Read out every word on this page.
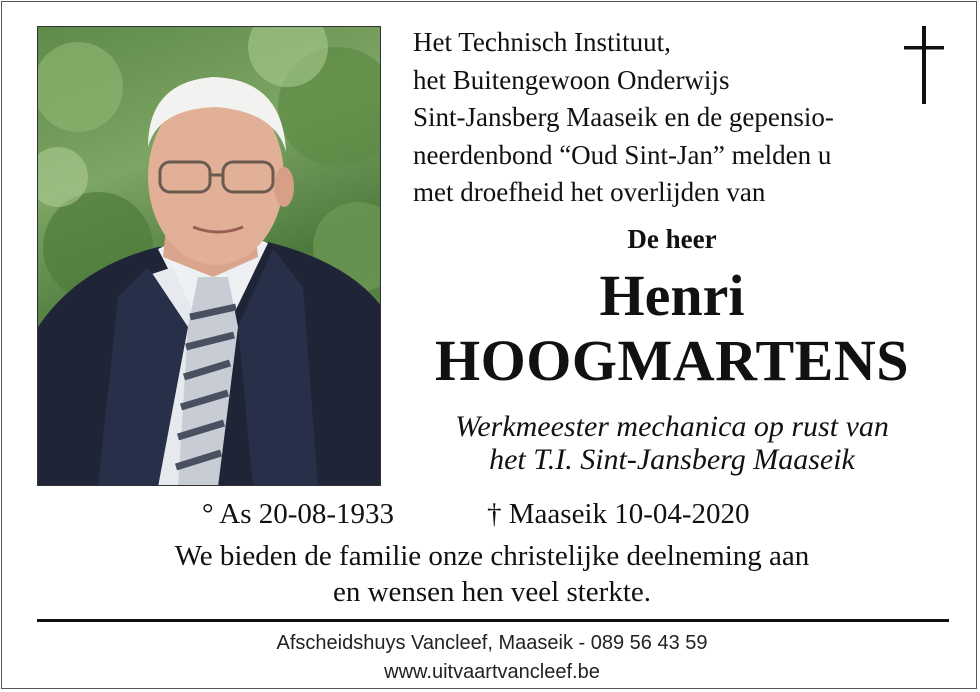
Het Technisch Instituut,
het Buitengewoon Onderwijs
Sint-Jansberg Maaseik en de gepensio-
neerdenbond “Oud Sint-Jan” melden u
met droefheid het overlijden van
De heer
Henri
HOOGMARTENS
Werkmeester mechanica op rust van
het T.I. Sint-Jansberg Maaseik
° As 20-08-1933	† Maaseik 10-04-2020
We bieden de familie onze christelijke deelneming aan
en wensen hen veel sterkte.
Afscheidshuys Vancleef, Maaseik - 089 56 43 59
www.uitvaartvancleef.be
